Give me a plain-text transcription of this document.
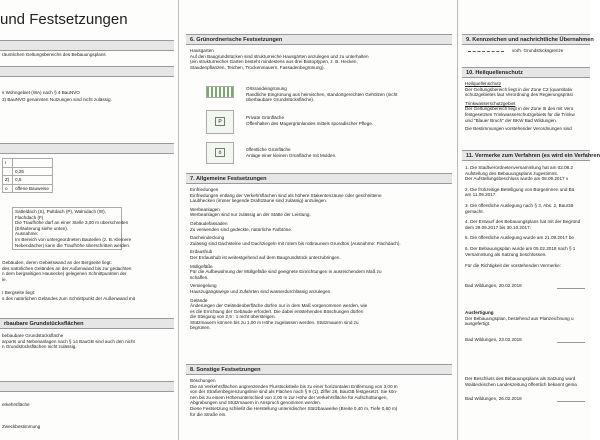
und Festsetzungen
räumlichen Geltungsbereichs des Bebauungsplans
s Wohngebiet (WA) nach § 4 BauNVO
3) BauNVO genannten Nutzungen sind nicht zulässig.
I	
	0,25
Z)	0,5
o	offene Bauweise
Satteldach (S), Pultdach (P), Walmdach (W),
Flachdach (F)
Die Traufhöhe darf an einer Stelle 3,00 m überschreiten
(Erläuterung siehe unten).
Ausnahme:
Im Bereich von untergeordneten Bauteilen (z. B. Kleinere
Nebendächer) kann die Traufhöhe überschritten werden.
Gebäuden, deren Gebietswand an der Bergseite liegt:
des natürlichen Geländes an der Außenwand bis zur gedachten
n dem bergseitigen Hausecke) gelegenen Schnittpunkten der
ie.
r Bergseite liegt:
s des natürlichen Geländes zum Schnittpunkt der Außenwand mit
rbaubare Grundstücksflächen
bebaubare Grundstücksfläche
arports und Nebenanlagen nach § 14 BauGB sind auch den nicht
n Grundstücksflächen nicht zulässig.
erkehrsfläche
Zweckbestimmung
6. Grünordnerische Festsetzungen
Hausgarten
Auf den Baugrundstücken sind strukturreiche Hausgärten anzulegen und zu unterhalten
(ein strukturreicher Garten besteht mindestens aus drei Biotoptypen, z. B. Hecken,
Staudenpflanzen, Teichen, Trockenmauern, Fassadenbegrünung).
Ortsrandeingrünung
Randliche Eingrünung aus heimischen, standortgerechten Gehölzen (nicht
überbaubare Grundstücksfläche).
P
Private Grünfläche
Offenhalten des Magergrünlandes mittels sporadischer Pflege.
ö
öffentliche Grünfläche
Anlage einer kleinen Grünfläche mit Mulden.
7. Allgemeine Festsetzungen
Einfriedungen
Einfriedungen entlang der Verkehrsflächen sind als höhere Stakentenzäune oder geschnittene
Laubhecken (immer liegende Drahtzäune sind zulässig) anzulegen.
Werbeanlagen
Werbeanlagen sind nur zulässig an der Stätte der Leistung.
Gebäudefassaden
Zu verwenden sind gedeckte, natürliche Farbtöne.
Dacheindeckung
Zulässig sind Dachsteine und Dachziegeln mit rotem bis rotbraunem Grundton (Ausnahme: Flachdach).
Erdaushub
Der Erdaushub ist weitestgehend auf dem Baugrundstück unterzubringen.
Müllgefäße
Für die Aufbewahrung der Müllgefäße sind geeignete Einrichtungen in ausreichendem Maß zu
schaffen.
Versiegelung
Hauszugangswege und Zufahrten sind wasserdurchlässig anzulegen.
Gelände
Änderungen der Geländeoberfläche dürfen nur in dem Maß vorgenommen werden, wie
es die Errichtung der Gebäude erfordert. Die dabei entstehenden Böschungen dürfen
die Steigung von 2,5 : 1 nicht übersteigen.
Stützmauern können bis zu 1,00 m Höhe zugelassen werden. Stützmauern sind zu
begrünen.
8. Sonstige Festsetzungen
Böschungen
Die an Verkehrsflächen angrenzenden Flurstücksteile bis zu einer horizontalen Entfernung von 3,00 m
von der Straßenbegrenzungslinie sind als Flächen nach § 9 (1), Ziffer 26, BauGB festgesetzt. Sie kön-
nen bis zu einem Höhenunterschied von 2,00 m zur Höhe der Verkehrsfläche für Aufschüttungen,
Abgrabungen und Stützmauern in Anspruch genommen werden.
Diese Festsetzung schließt die Herstellung unterirdischer Stützbauwerke (Breite 0,40 m, Tiefe 0,60 m)
für die Straße ein.
9. Kennzeichen und nachrichtliche Übernahmen
vorh. Grundstücksgrenze
10. Heilquellenschutz
Heilquellenschutz
Der Geltungsbereich liegt in der Zone C2 (quantitativ
schutzgebietes laut Verordnung des Regierungspräsi
Trinkwasserschutzgebiet
Der Geltungsbereich liegt in der Zone III des mit Vero
festgesetzten Trinkwasserschutzgebiets für die Trinkw
und "Blauer Bruch" der BKW Bad Wildungen.
Die Bestimmungen vorstehender Verordnungen sind
11. Vermerke zum Verfahren (es wird ein Verfahren
1. Die Stadtverordnetenversammlung hat am 02.08.2
Aufstellung des Bebauungsplans zugestimmt.
Der Aufstellungsbeschluss wurde am 08.09.2017 v
2. Die frühzeitige Beteiligung von Bürgerinnen und Bü
am 11.09.2017.
3. Die öffentliche Auslegung nach § 3, Abs. 2, BauGB
gemacht.
4. Der Entwurf des Bebauungsplans hat mit der Begründ
dem 29.09.2017 bis 30.10.2017.
5. Die öffentliche Auslegung wurde am 21.09.2017 be
6. Der Bebauungsplan wurde am 05.02.2018 nach § 1
Versammlung als Satzung beschlossen.
Für die Richtigkeit der vorstehenden Vermerke:
Bad Wildungen, 20.02.2018
Ausfertigung
Der Bebauungsplan, bestehend aus Planzeichnung u
ausgefertigt.
Bad Wildungen, 23.02.2018
Der Beschluss des Bebauungsplans als Satzung wurd
Waldeckischen Landeszeitung öffentlich bekannt gema
Bad Wildungen, 26.02.2018
